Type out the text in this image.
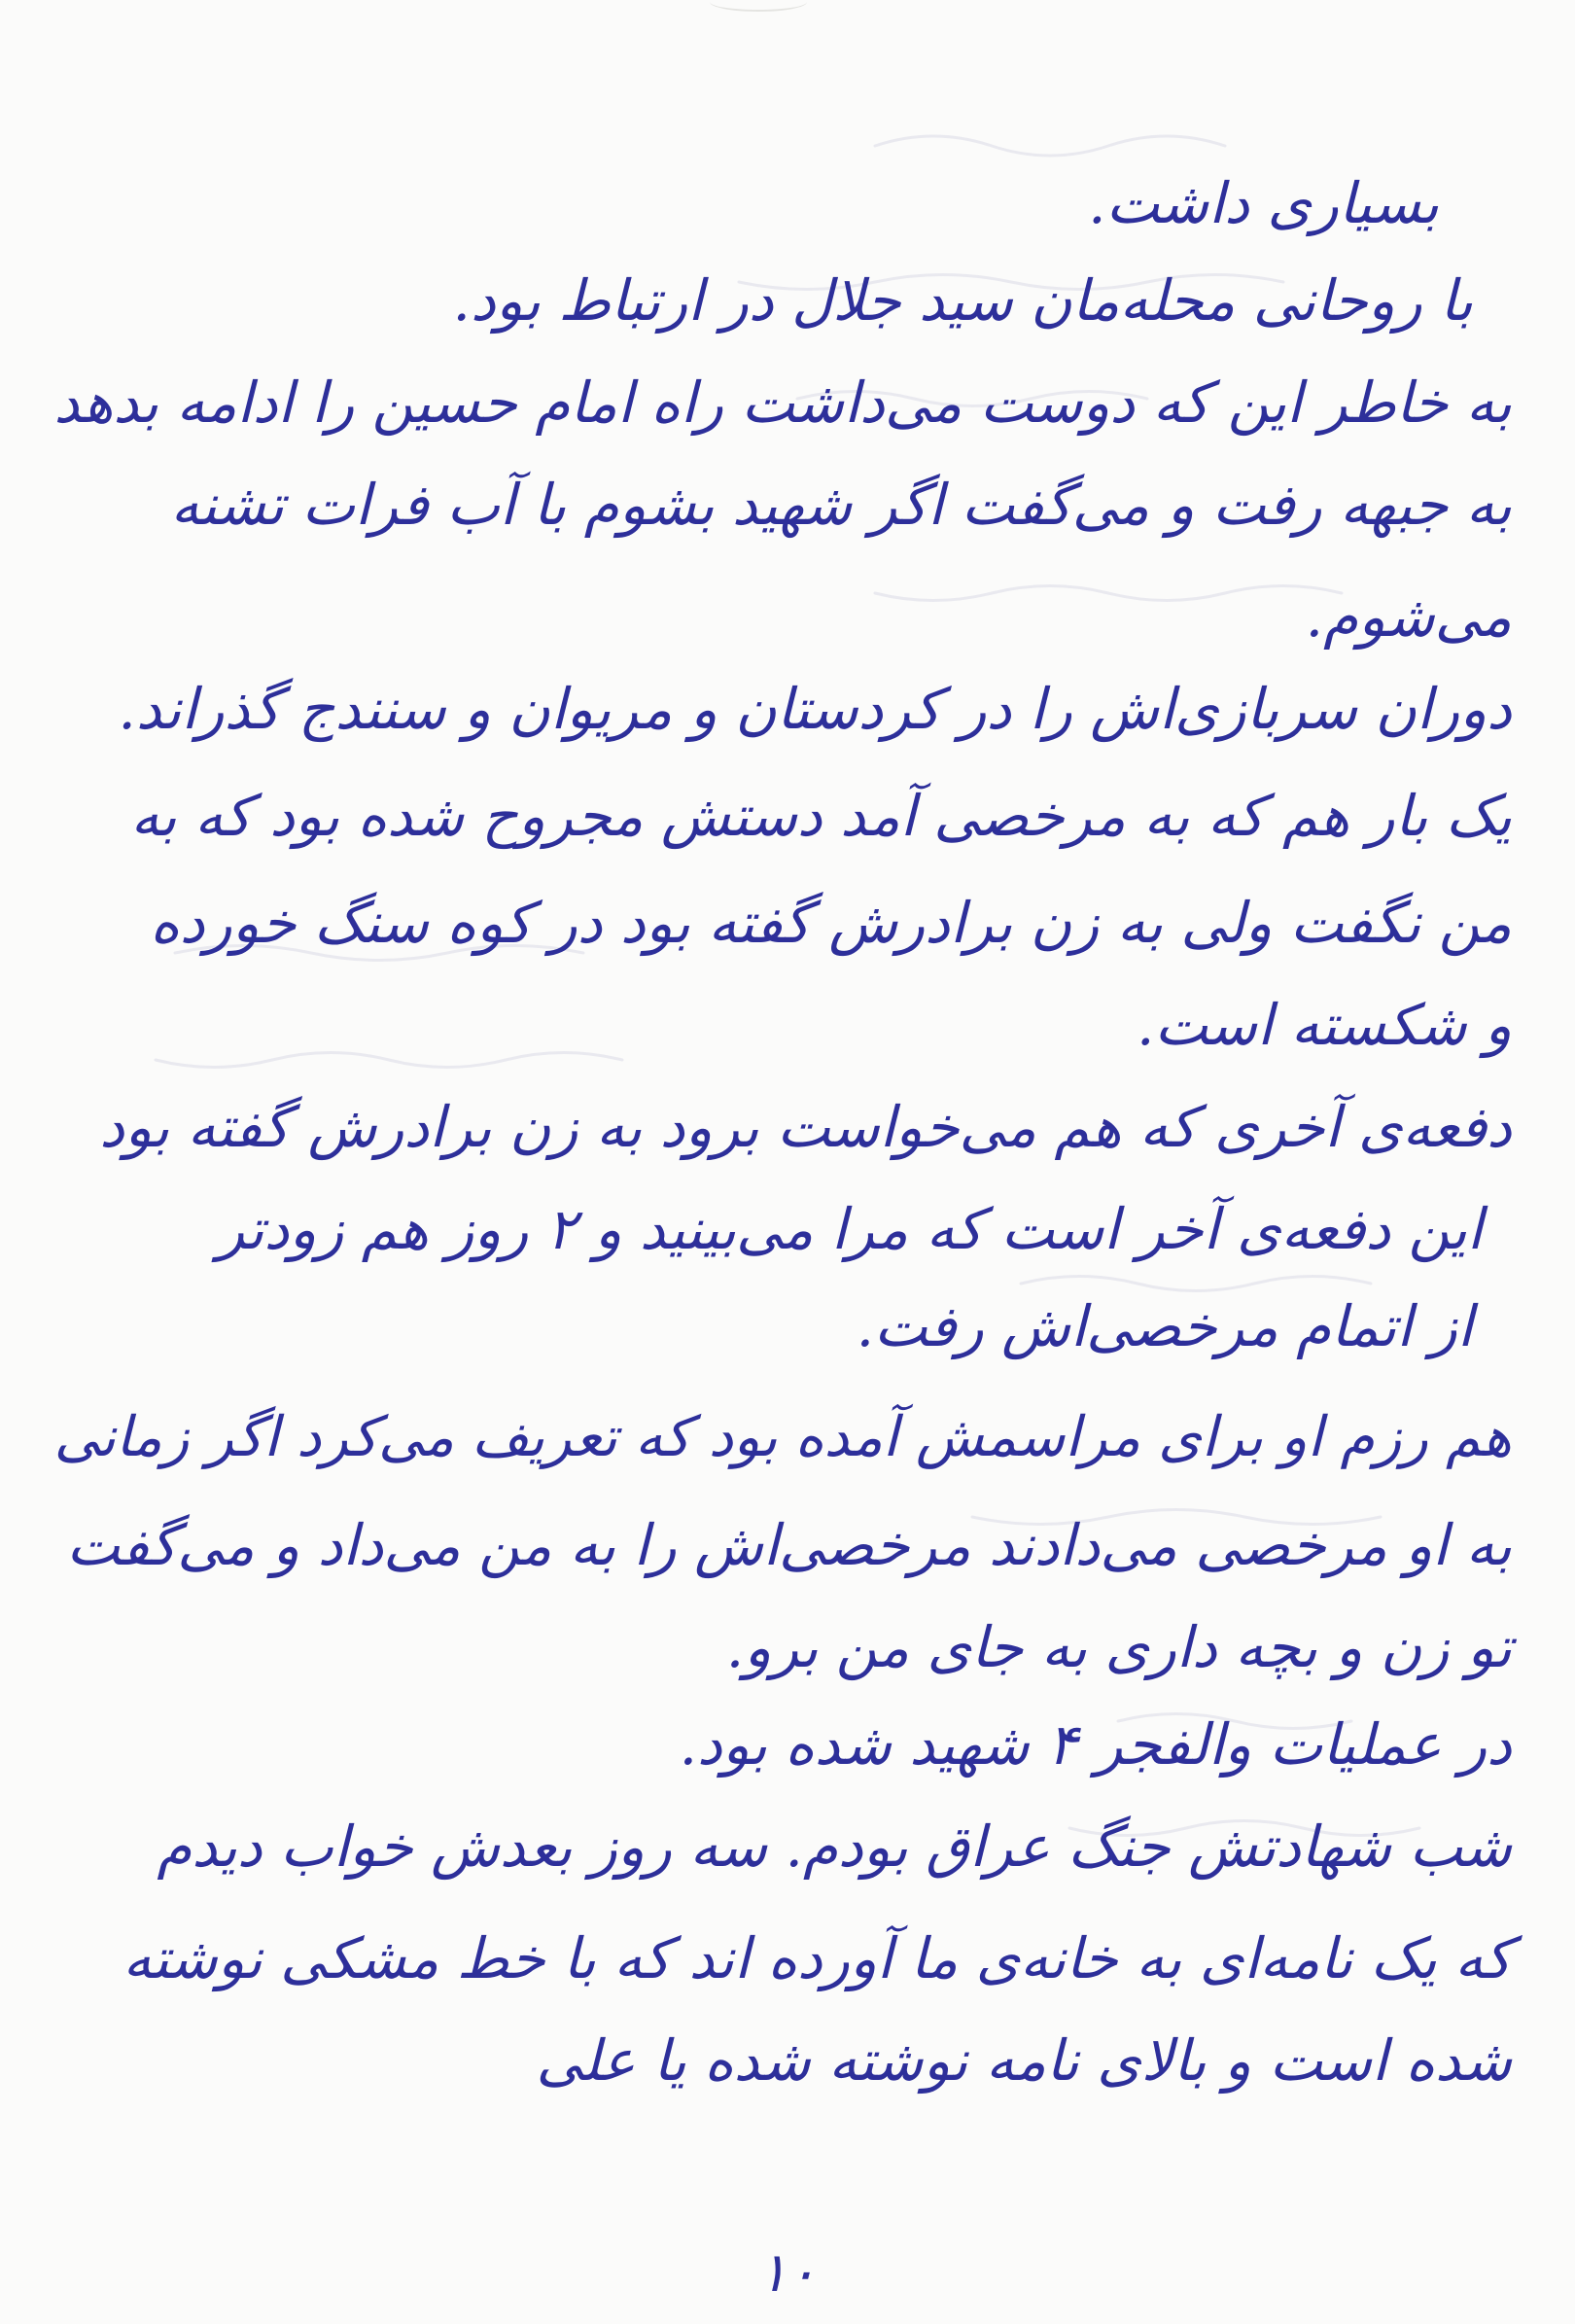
بسیاری داشت.
با روحانی محله‌مان سید جلال در ارتباط بود.
به خاطر این که دوست می‌داشت راه امام حسین را ادامه بدهد
به جبهه رفت و می‌گفت اگر شهید بشوم با آب فرات تشنه
می‌شوم.
دوران سربازی‌اش را در کردستان و مریوان و سنندج گذراند.
یک بار هم که به مرخصی آمد دستش مجروح شده بود که به
من نگفت ولی به زن برادرش گفته بود در کوه سنگ خورده
و شکسته است.
دفعه‌ی آخری که هم می‌خواست برود به زن برادرش گفته بود
این دفعه‌ی آخر است که مرا می‌بینید و ۲ روز هم زودتر
از اتمام مرخصی‌اش رفت.
هم رزم او برای مراسمش آمده بود که تعریف می‌کرد اگر زمانی
به او مرخصی می‌دادند مرخصی‌اش را به من می‌داد و می‌گفت
تو زن و بچه داری به جای من برو.
در عملیات والفجر ۴ شهید شده بود.
شب شهادتش جنگ عراق بودم. سه روز بعدش خواب دیدم
که یک نامه‌ای به خانه‌ی ما آورده اند که با خط مشکی نوشته
شده است و بالای نامه نوشته شده یا علی
۱۰
